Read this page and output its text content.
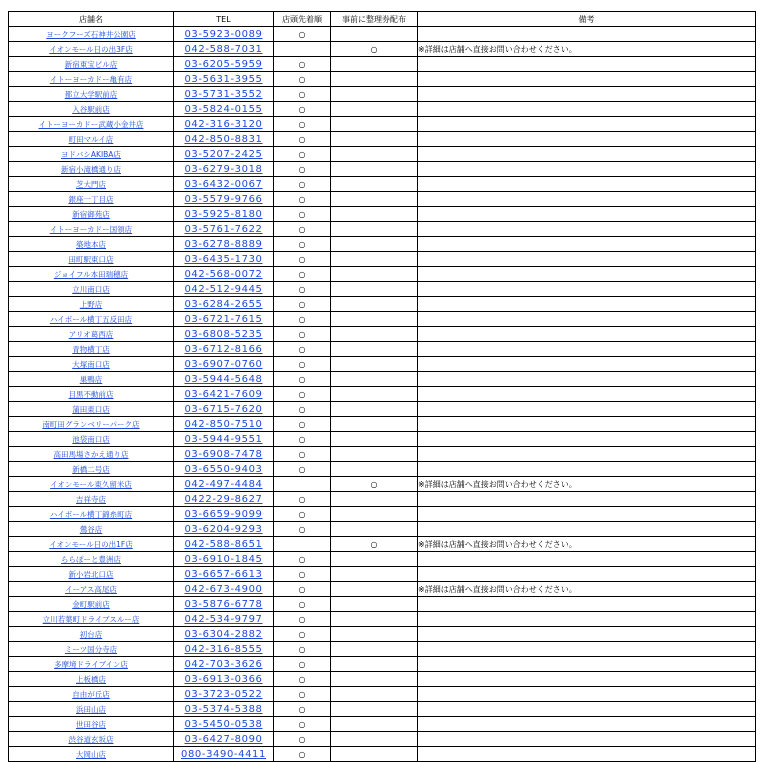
店舗名	TEL	店頭先着順	事前に整理券配布	備考
ヨークフーズ石神井公園店	03-5923-0089	○		
イオンモール日の出3F店	042-588-7031		○	※詳細は店舗へ直接お問い合わせください。
新宿東宝ビル店	03-6205-5959	○		
イトーヨーカドー亀有店	03-5631-3955	○		
都立大学駅前店	03-5731-3552	○		
入谷駅前店	03-5824-0155	○		
イトーヨーカドー武蔵小金井店	042-316-3120	○		
町田マルイ店	042-850-8831	○		
ヨドバシAKIBA店	03-5207-2425	○		
新宿小滝橋通り店	03-6279-3018	○		
芝大門店	03-6432-0067	○		
銀座一丁目店	03-5579-9766	○		
新宿御苑店	03-5925-8180	○		
イトーヨーカドー国領店	03-5761-7622	○		
築地本店	03-6278-8889	○		
田町駅東口店	03-6435-1730	○		
ジョイフル本田瑞穂店	042-568-0072	○		
立川南口店	042-512-9445	○		
上野店	03-6284-2655	○		
ハイボール横丁五反田店	03-6721-7615	○		
アリオ葛西店	03-6808-5235	○		
青物横丁店	03-6712-8166	○		
大塚南口店	03-6907-0760	○		
巣鴨店	03-5944-5648	○		
目黒不動前店	03-6421-7609	○		
蒲田東口店	03-6715-7620	○		
南町田グランベリーパーク店	042-850-7510	○		
池袋南口店	03-5944-9551	○		
高田馬場さかえ通り店	03-6908-7478	○		
新橋二号店	03-6550-9403	○		
イオンモール東久留米店	042-497-4484		○	※詳細は店舗へ直接お問い合わせください。
吉祥寺店	0422-29-8627	○		
ハイボール横丁錦糸町店	03-6659-9099	○		
鶯谷店	03-6204-9293	○		
イオンモール日の出1F店	042-588-8651		○	※詳細は店舗へ直接お問い合わせください。
ららぽーと豊洲店	03-6910-1845	○		
新小岩北口店	03-6657-6613	○		
イーアス高尾店	042-673-4900	○		※詳細は店舗へ直接お問い合わせください。
金町駅前店	03-5876-6778	○		
立川若葉町ドライブスルー店	042-534-9797	○		
初台店	03-6304-2882	○		
ミーツ国分寺店	042-316-8555	○		
多摩境ドライブイン店	042-703-3626	○		
上板橋店	03-6913-0366	○		
自由が丘店	03-3723-0522	○		
浜田山店	03-5374-5388	○		
世田谷店	03-5450-0538	○		
渋谷道玄坂店	03-6427-8090	○		
大岡山店	080-3490-4411	○		
